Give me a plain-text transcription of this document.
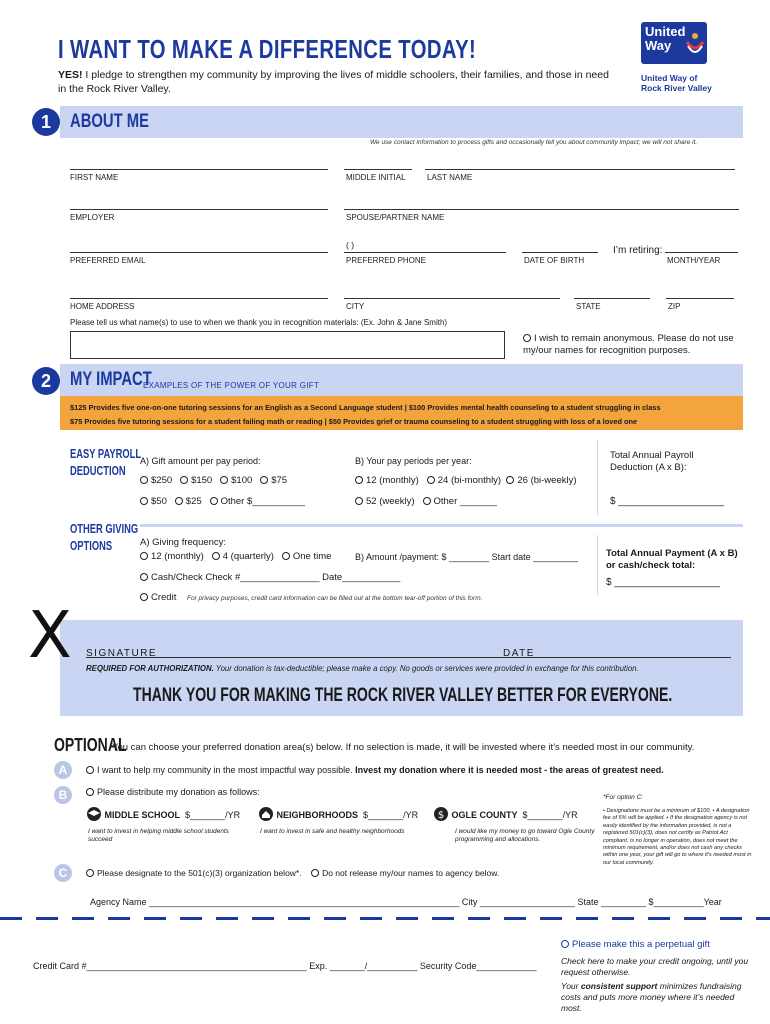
I WANT TO MAKE A DIFFERENCE TODAY!
YES! I pledge to strengthen my community by improving the lives of middle schoolers, their families, and those in need in the Rock River Valley.
United
Way
United Way of
Rock River Valley
1	ABOUT ME
We use contact information to process gifts and occasionally tell you about community impact; we will not share it.
FIRST NAME	MIDDLE INITIAL	LAST NAME
EMPLOYER	SPOUSE/PARTNER NAME
( )	I’m retiring:
PREFERRED EMAIL	PREFERRED PHONE	DATE OF BIRTH	MONTH/YEAR
HOME ADDRESS	CITY	STATE	ZIP
Please tell us what name(s) to use to when we thank you in recognition materials: (Ex. John & Jane Smith)
I wish to remain anonymous. Please do not use my/our names for recognition purposes.
2	MY IMPACT
EXAMPLES OF THE POWER OF YOUR GIFT
$125 Provides five one-on-one tutoring sessions for an English as a Second Language student | $100 Provides mental health counseling to a student struggling in class
$75 Provides five tutoring sessions for a student failing math or reading | $50 Provides grief or trauma counseling to a student struggling with loss of a loved one
EASY PAYROLL
DEDUCTION
A) Gift amount per pay period:
$250 $150 $100 $75
$50 $25 Other $__________
B) Your pay periods per year:
12 (monthly) 24 (bi-monthly) 26 (bi-weekly)
52 (weekly) Other _______
Total Annual Payroll Deduction (A x B):
$ ___________________
OTHER GIVING
OPTIONS	A) Giving frequency:
12 (monthly) 4 (quarterly) One time	B) Amount /payment: $ ________ Start date _________
Cash/Check Check #_______________ Date___________
Credit For privacy purposes, credit card information can be filled out at the bottom tear-off portion of this form.
Total Annual Payment (A x B) or cash/check total:
$ ___________________
X SIGNATURE	DATE
REQUIRED FOR AUTHORIZATION. Your donation is tax-deductible; please make a copy. No goods or services were provided in exchange for this contribution.
THANK YOU FOR MAKING THE ROCK RIVER VALLEY BETTER FOR EVERYONE.
OPTIONAL
You can choose your preferred donation area(s) below. If no selection is made, it will be invested where it’s needed most in our community.
A	I want to help my community in the most impactful way possible. Invest my donation where it is needed most - the areas of greatest need.
B	Please distribute my donation as follows:
*For option C:
MIDDLE SCHOOL $_______/YR
I want to invest in helping middle school students succeed
NEIGHBORHOODS $_______/YR
I want to invest in safe and healthy neighborhoods
$ OGLE COUNTY $_______/YR
I would like my money to go toward Ogle County programming and allocations.
• Designations must be a minimum of $100. • A designation fee of 5% will be applied. • If the designation agency is not easily identified by the information provided, is not a registered 501(c)(3), does not certify as Patriot Act compliant, is no longer in operation, does not meet the minimum requirement, and/or does not cash any checks within one year, your gift will go to where it's needed most in our local community.
C	Please designate to the 501(c)(3) organization below*. Do not release my/our names to agency below.
Agency Name ______________________________________________________________ City ___________________ State _________ $__________Year
Please make this a perpetual gift
Credit Card #____________________________________________ Exp. _______/__________ Security Code____________	Check here to make your credit ongoing, until you request otherwise.
Your consistent support minimizes fundraising costs and puts more money where it’s needed most.
